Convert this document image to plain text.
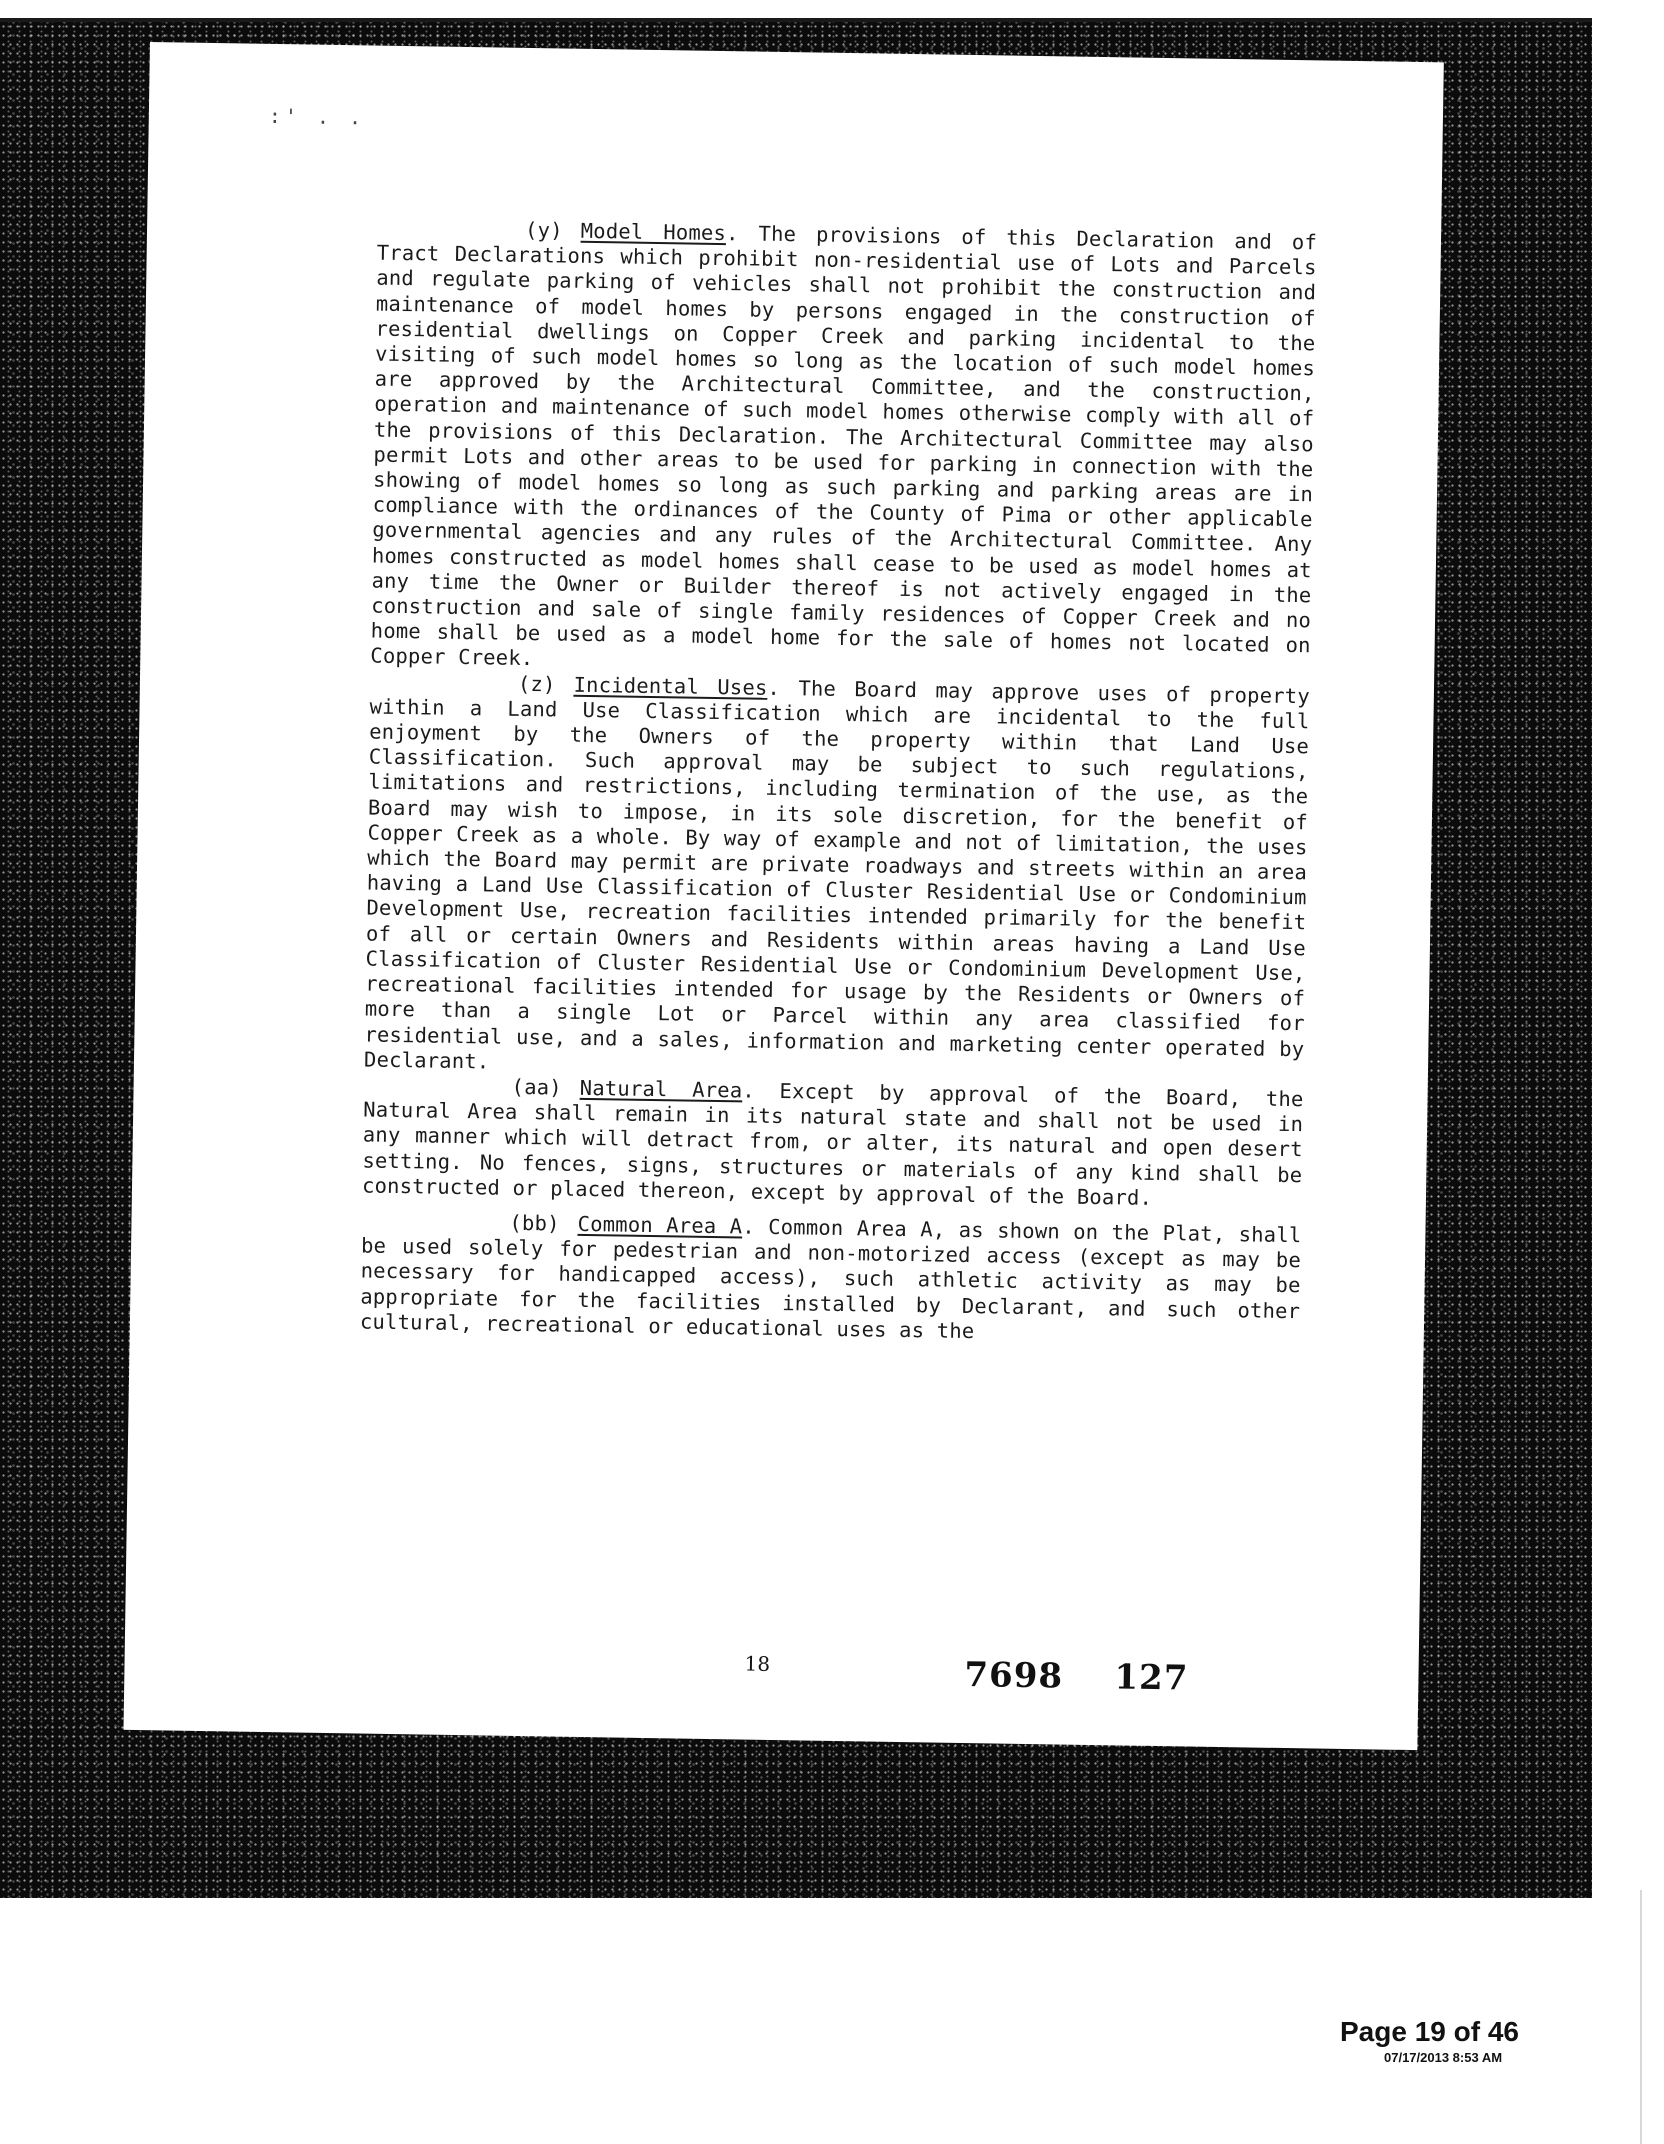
:' . .

(y) Model Homes. The provisions of this Declaration and of Tract Declarations which prohibit non-residential use of Lots and Parcels and regulate parking of vehicles shall not prohibit the construction and maintenance of model homes by persons engaged in the construction of residential dwellings on Copper Creek and parking incidental to the visiting of such model homes so long as the location of such model homes are approved by the Architectural Committee, and the construction, operation and maintenance of such model homes otherwise comply with all of the provisions of this Declaration. The Architectural Committee may also permit Lots and other areas to be used for parking in connection with the showing of model homes so long as such parking and parking areas are in compliance with the ordinances of the County of Pima or other applicable governmental agencies and any rules of the Architectural Committee. Any homes constructed as model homes shall cease to be used as model homes at any time the Owner or Builder thereof is not actively engaged in the construction and sale of single family residences of Copper Creek and no home shall be used as a model home for the sale of homes not located on Copper Creek.

(z) Incidental Uses. The Board may approve uses of property within a Land Use Classification which are incidental to the full enjoyment by the Owners of the property within that Land Use Classification. Such approval may be subject to such regulations, limitations and restrictions, including termination of the use, as the Board may wish to impose, in its sole discretion, for the benefit of Copper Creek as a whole. By way of example and not of limitation, the uses which the Board may permit are private roadways and streets within an area having a Land Use Classification of Cluster Residential Use or Condominium Development Use, recreation facilities intended primarily for the benefit of all or certain Owners and Residents within areas having a Land Use Classification of Cluster Residential Use or Condominium Development Use, recreational facilities intended for usage by the Residents or Owners of more than a single Lot or Parcel within any area classified for residential use, and a sales, information and marketing center operated by Declarant.

(aa) Natural Area. Except by approval of the Board, the Natural Area shall remain in its natural state and shall not be used in any manner which will detract from, or alter, its natural and open desert setting. No fences, signs, structures or materials of any kind shall be constructed or placed thereon, except by approval of the Board.

(bb) Common Area A. Common Area A, as shown on the Plat, shall be used solely for pedestrian and non-motorized access (except as may be necessary for handicapped access), such athletic activity as may be appropriate for the facilities installed by Declarant, and such other cultural, recreational or educational uses as the

18	7698 127
Page 19 of 46
07/17/2013 8:53 AM
